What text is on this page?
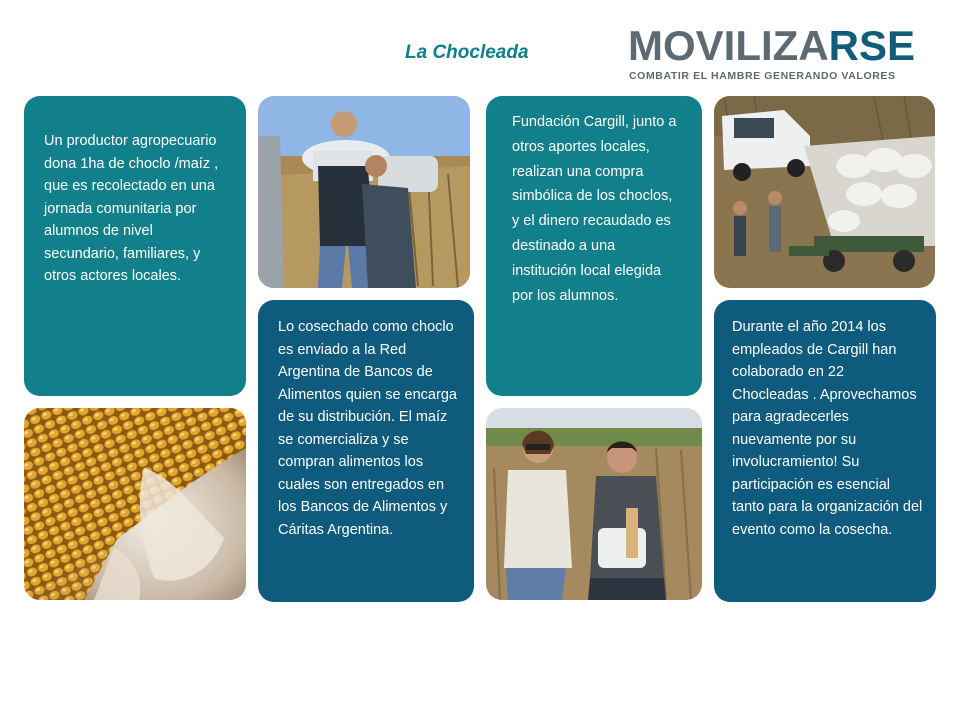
La Chocleada MOVILIZARSE
COMBATIR EL HAMBRE GENERANDO VALORES
Un productor agropecuario dona 1ha de choclo /maíz , que es recolectado en una jornada comunitaria por alumnos de nivel secundario, familiares, y otros actores locales.
Lo cosechado como choclo es enviado a la Red Argentina de Bancos de Alimentos quien se encarga de su distribución. El maíz se comercializa y se compran alimentos los cuales son entregados en los Bancos de Alimentos y Cáritas Argentina.
Fundación Cargill, junto a otros aportes locales, realizan una compra simbólica de los choclos, y el dinero recaudado es destinado a una institución local elegida por los alumnos.
Durante el año 2014 los empleados de Cargill han colaborado en 22 Chocleadas . Aprovechamos para agradecerles nuevamente por su involucramiento! Su participación es esencial tanto para la organización del evento como la cosecha.
